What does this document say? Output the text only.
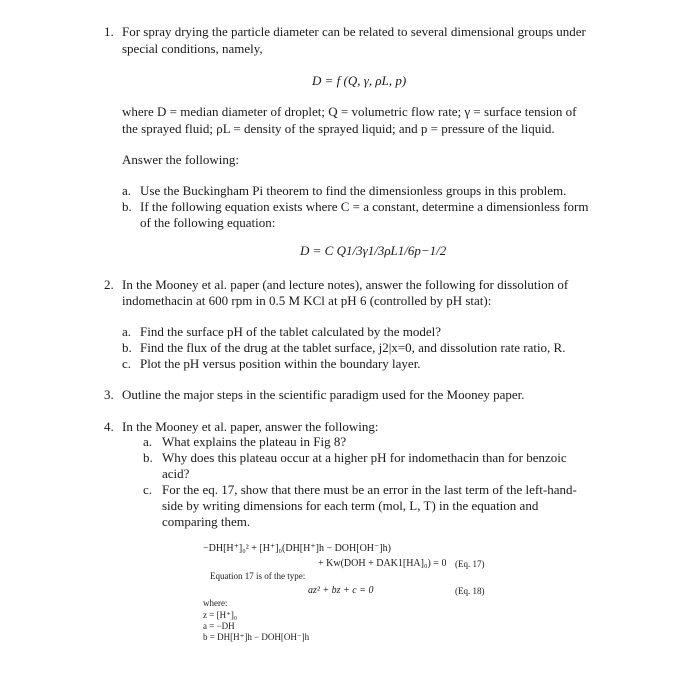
1. For spray drying the particle diameter can be related to several dimensional groups under
special conditions, namely,
D = f (Q, γ, ρL, p)
where D = median diameter of droplet; Q = volumetric flow rate; γ = surface tension of
the sprayed fluid; ρL = density of the sprayed liquid; and p = pressure of the liquid.
Answer the following:
a. Use the Buckingham Pi theorem to find the dimensionless groups in this problem.
b. If the following equation exists where C = a constant, determine a dimensionless form
of the following equation:
D = C Q1/3γ1/3ρL1/6p−1/2
2. In the Mooney et al. paper (and lecture notes), answer the following for dissolution of
indomethacin at 600 rpm in 0.5 M KCl at pH 6 (controlled by pH stat):
a. Find the surface pH of the tablet calculated by the model?
b. Find the flux of the drug at the tablet surface, j2|x=0, and dissolution rate ratio, R.
c. Plot the pH versus position within the boundary layer.
3. Outline the major steps in the scientific paradigm used for the Mooney paper.
4. In the Mooney et al. paper, answer the following:
a. What explains the plateau in Fig 8?
b. Why does this plateau occur at a higher pH for indomethacin than for benzoic
acid?
c. For the eq. 17, show that there must be an error in the last term of the left-hand-
side by writing dimensions for each term (mol, L, T) in the equation and
comparing them.
−DH[H⁺]₀² + [H⁺]₀(DH[H⁺]h − DOH[OH⁻]h)
+ Kw(DOH + DAK1[HA]₀) = 0 (Eq. 17)
Equation 17 is of the type:
az² + bz + c = 0	(Eq. 18)
where:
z = [H⁺]₀
a = −DH
b = DH[H⁺]h − DOH[OH⁻]h
